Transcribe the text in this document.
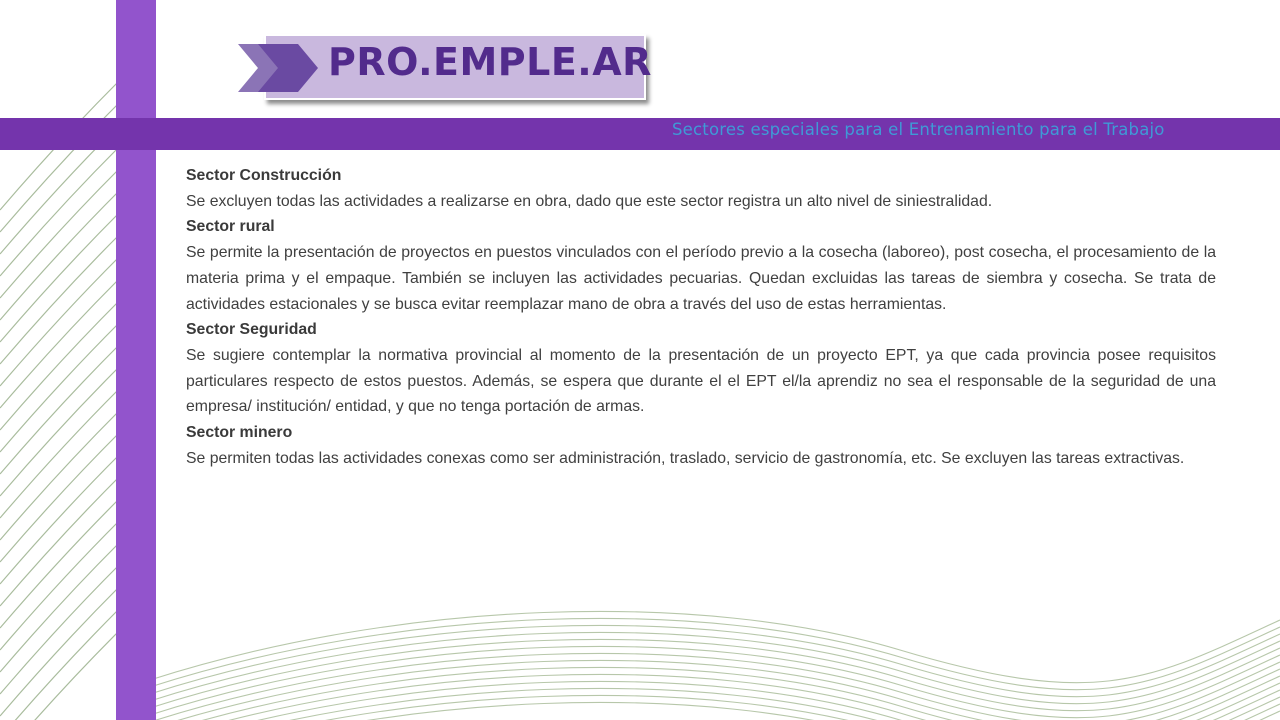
Sectores especiales para el Entrenamiento para el Trabajo
PRO.EMPLE.AR
Sector Construcción

Se excluyen todas las actividades a realizarse en obra, dado que este sector registra un alto nivel de siniestralidad.

Sector rural

Se permite la presentación de proyectos en puestos vinculados con el período previo a la cosecha (laboreo), post cosecha, el procesamiento de la materia prima y el empaque. También se incluyen las actividades pecuarias. Quedan excluidas las tareas de siembra y cosecha. Se trata de actividades estacionales y se busca evitar reemplazar mano de obra a través del uso de estas herramientas.

Sector Seguridad

Se sugiere contemplar la normativa provincial al momento de la presentación de un proyecto EPT, ya que cada provincia posee requisitos particulares respecto de estos puestos. Además, se espera que durante el el EPT el/la aprendiz no sea el responsable de la seguridad de una empresa/ institución/ entidad, y que no tenga portación de armas.

Sector minero

Se permiten todas las actividades conexas como ser administración, traslado, servicio de gastronomía, etc. Se excluyen las tareas extractivas.
